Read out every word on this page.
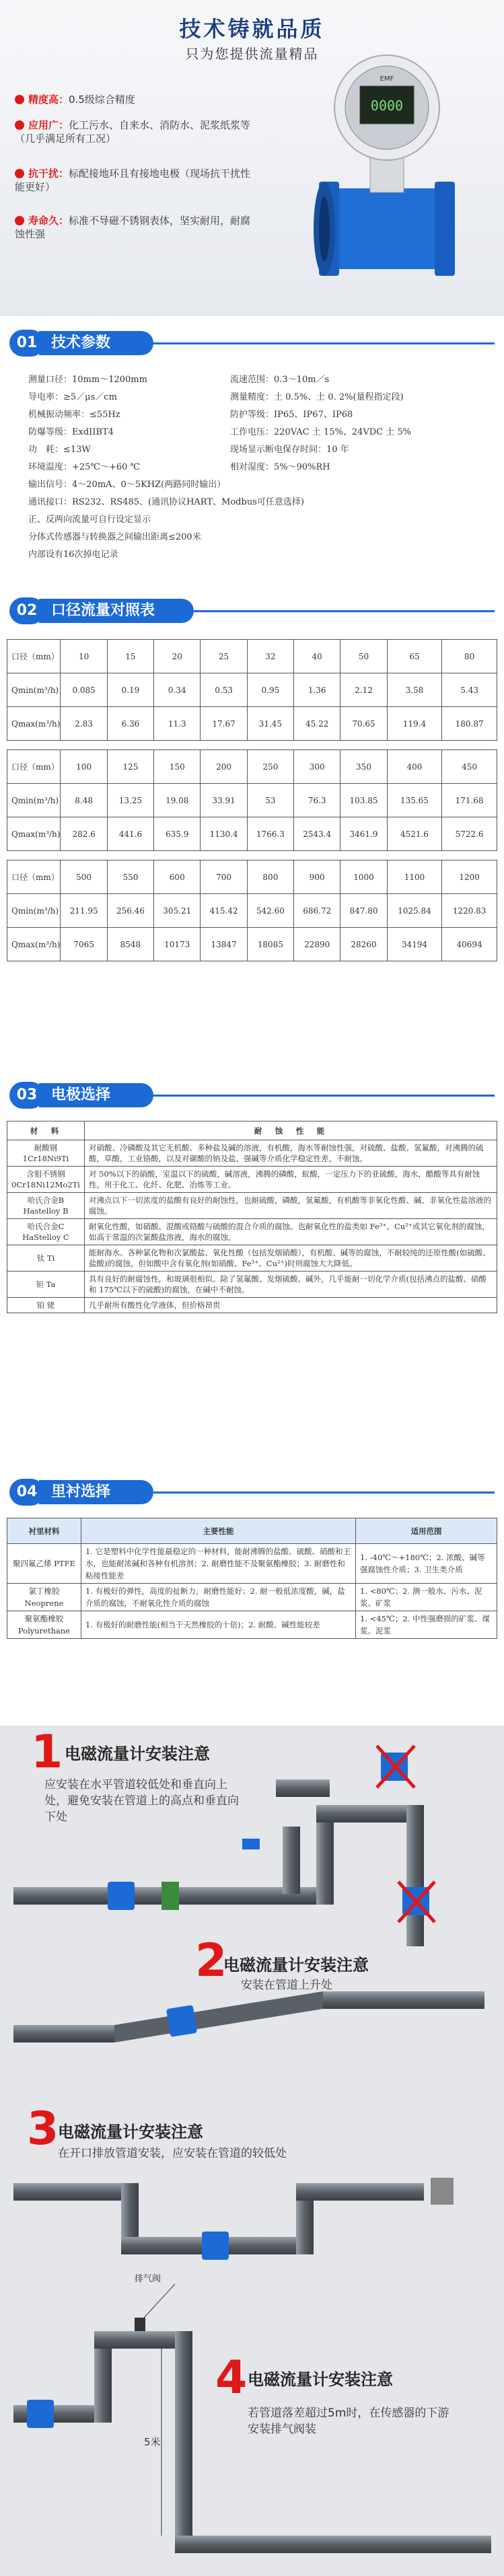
技术铸就品质
只为您提供流量精品
精度高：0.5级综合精度
应用广：化工污水、自来水、消防水、泥浆纸浆等（几乎满足所有工况）
抗干扰：标配接地环且有接地电极（现场抗干扰性能更好）
寿命久：标准不导磁不锈钢表体，坚实耐用，耐腐蚀性强
EMF
0000
01 技术参数
测量口径：10mm～1200mm	流速范围：0.3～10m／s
导电率：≥5／μs／cm	测量精度：土 0.5%、土 0. 2%(量程指定段)
机械振动频率：≤55Hz	防护等级：IP65、IP67、IP68
防爆等级：ExdIIBT4	工作电压：220VAC 土 15%、24VDC 土 5%
功　耗：≤13W	现场显示断电保存时间：10 年
环境温度：+25℃～+60 ℃	相对湿度：5%～90%RH
输出信号：4～20mA、0～5KHZ(两路同时输出）
通讯接口：RS232、RS485、(通讯协议HART、Modbus可任意选择)
正、反两向流量可自行设定显示
分体式传感器与转换器之间输出距离≤200米
内部设有16次掉电记录
02 口径流量对照表
口径（mm）	10	15	20	25	32	40	50	65	80
Qmin(m³/h)	0.085	0.19	0.34	0.53	0.95	1.36	2.12	3.58	5.43
Qmax(m³/h)	2.83	6.36	11.3	17.67	31.45	45.22	70.65	119.4	180.87

口径（mm）	100	125	150	200	250	300	350	400	450
Qmin(m³/h)	8.48	13.25	19.08	33.91	53	76.3	103.85	135.65	171.68
Qmax(m³/h)	282.6	441.6	635.9	1130.4	1766.3	2543.4	3461.9	4521.6	5722.6

口径（mm）	500	550	600	700	800	900	1000	1100	1200
Qmin(m³/h)	211.95	256.46	305.21	415.42	542.60	686.72	847.80	1025.84	1220.83
Qmax(m³/h)	7065	8548	10173	13847	18085	22890	28260	34194	40694
03 电极选择
材　料	耐　蚀　性　能
耐酸钢 1Cr18Ni9Ti	对硝酸、冷磷酸及其它无机酸、多种盐及碱的溶液，有机酸，海水等耐蚀性强，对硫酸、盐酸、氢氟酸，对沸腾的硫酸，草酸，工业铬酸，以及对碳酸的钠及盐、强碱等介质化学稳定性差，不耐蚀。
含钼不锈钢 0Cr18Ni12Mo2Ti	对 50%以下的硝酸，室温以下的硫酸，碱溶液，沸腾的磷酸，蚁酸，一定压力下的亚硫酸，海水，醋酸等具有耐蚀性。用于化工、化纤、化肥、冶炼等工业。
哈氏合金B Hastelloy B	对沸点以下一切浓度的盐酸有良好的耐蚀性，也耐硫酸，磷酸，氢氟酸，有机酸等非氧化性酸、碱、非氧化性盐溶液的腐蚀。
哈氏合金C HaStelloy C	耐氧化性酸，如硝酸、混酸或铬酸与硫酸的混合介质的腐蚀。也耐氧化性的盐类如 Fe³⁺、Cu²⁺或其它氧化剂的腐蚀，如高于常温的次氯酸盐溶液，海水的腐蚀。
钛 Ti	能耐海水、各种氯化物和次氯酸盐、氧化性酸（包括发烟硝酸），有机酸、碱等的腐蚀，不耐较纯的还原性酸(如硫酸、盐酸)的腐蚀，但如酸中含有氧化剂(如硝酸、Fe³⁺、Cu²⁺)时则腐蚀大大降低。
钽 Ta	具有良好的耐腐蚀性，和玻璃很相似。除了氢氟酸、发烟硫酸、碱外，几乎能耐一切化学介质(包括沸点的盐酸、硝酸和 175℃以下的硫酸)的腐蚀，在碱中不耐蚀。
铂 铑	几乎耐所有酸性化学液体，但价格昂贵
04 里衬选择
衬里材料	主要性能	适用范围
聚四氟乙烯 PTFE	1. 它是塑料中化学性能最稳定的一种材料，能耐沸腾的盐酸、硫酸、硝酸和王水，也能耐浓碱和各种有机溶剂；2. 耐磨性能不及聚氨酯橡胶；3. 耐磨性和粘接性能差	1. -40℃～+180℃；2. 浓酸、碱等强腐蚀性介质；3. 卫生类介质
氯丁橡胶 Neoprene	1. 有极好的弹性，高度的扯断力，耐磨性能好；2. 耐一般低浓度酸，碱，盐介质的腐蚀，不耐氧化性介质的腐蚀	1. <80℃；2. 测一般水、污水、泥浆、矿浆
聚氨酯橡胶 Polyurethane	1. 有极好的耐磨性能(相当于天然橡胶的十倍)；2. 耐酸、碱性能较差	1. <45℃；2. 中性强磨损的矿浆、煤浆、泥浆
排气阀
5米
1 电磁流量计安装注意
应安装在水平管道较低处和垂直向上处，避免安装在管道上的高点和垂直向下处
2
电磁流量计安装注意
安装在管道上升处
3
电磁流量计安装注意
在开口排放管道安装，应安装在管道的较低处
4 电磁流量计安装注意
若管道落差超过5m时，在传感器的下游安装排气阀装
